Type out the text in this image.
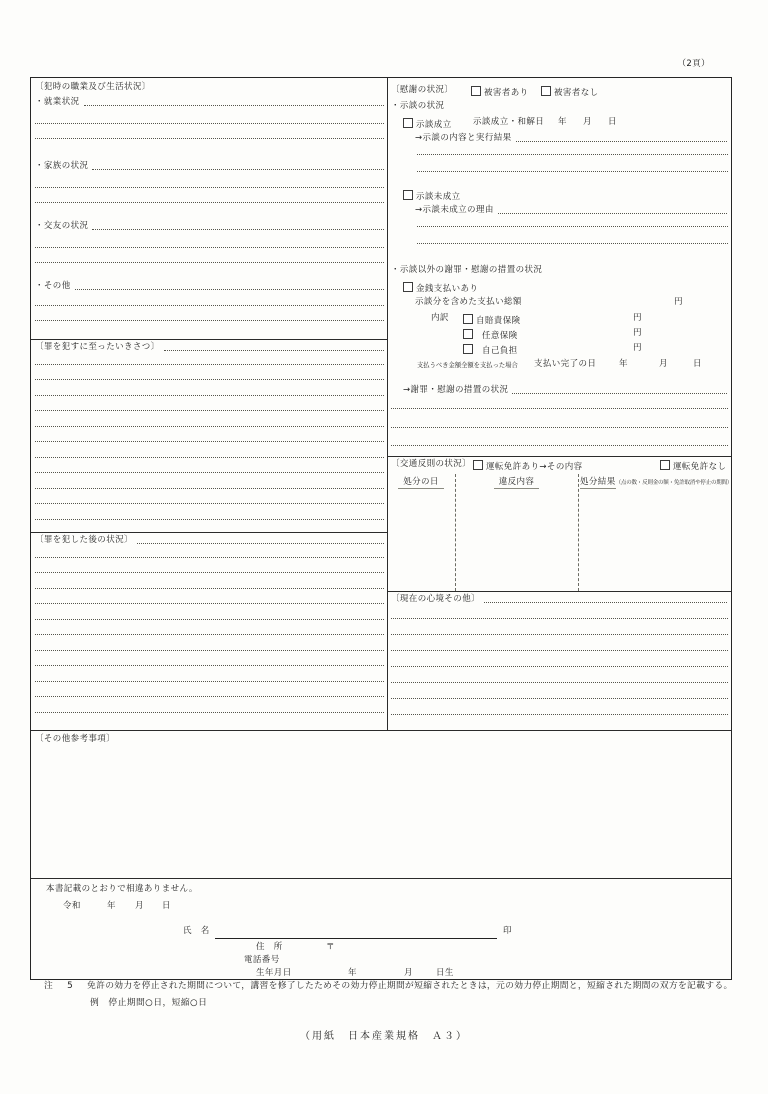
（2頁）
〔犯時の職業及び生活状況〕
・就業状況
・家族の状況
・交友の状況
・その他
〔罪を犯すに至ったいきさつ〕
〔罪を犯した後の状況〕
〔慰謝の状況〕	被害者あり	被害者なし
・示談の状況
示談成立	示談成立・和解日 年 月 日
→示談の内容と実行結果
示談未成立
→示談未成立の理由
・示談以外の謝罪・慰謝の措置の状況
金銭支払いあり
示談分を含めた支払い総額	円
内訳	自賠責保険	円
任意保険	円
自己負担	円
支払うべき金額全額を支払った場合 支払い完了の日	年	月	日
→謝罪・慰謝の措置の状況
〔交通反則の状況〕	運転免許あり→その内容	運転免許なし
処分の日	違反内容	処分結果（点の数・反則金の額・免許取消や停止の期間）
〔現在の心境その他〕
〔その他参考事項〕
本書記載のとおりで相違ありません。
令和	年 月 日
氏　名	印
住　所	〒
電話番号
生年月日	年	月	日生
注 5 免許の効力を停止された期間について，講習を修了したためその効力停止期間が短縮されたときは，元の効力停止期間と，短縮された期間の双方を記載する。
例　停止期間○日，短縮○日
（用紙　日本産業規格　Ａ３）
